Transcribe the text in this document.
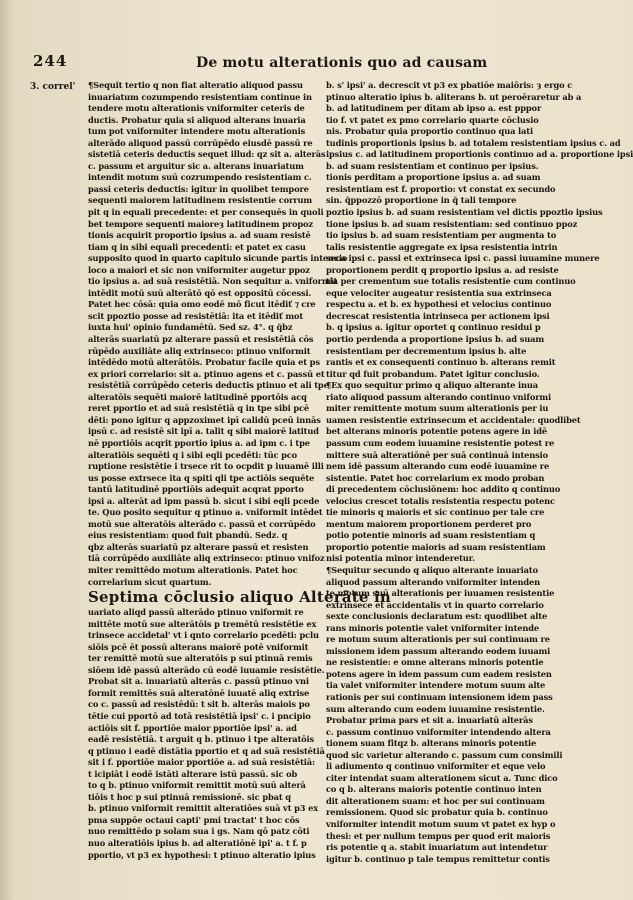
244	De motu alterationis quo ad causam
3. correl' ¶Sequit tertio q non fiat alteratio aliquod passu
inuariatum cozumpendo resistentiam continue in
tendere motu alterationis vniformiter ceteris de
ductis. Probatur quia si aliquod alterans inuaria
tum pot vniformiter intendere motu alterationis
alterādo aliquod passū corrūpēdo eiusdē passū re
sistetiā ceteris deductis sequet illud: qz sit a. alterās
c. passum et arguitur sic a. alterans inuariatum
intendit motum suū cozrumpendo resistentiam c.
passi ceteris deductis: igitur in quolibet tempore
sequenti maiorem latitudinem resistentie corrum
pit q in equali precedente: et per consequēs in quoli
bet tempore sequenti maioreȝ latitudinem propoz
tionis acquirit proportio ipsius a. ad suam resistē
tiam q in sibi equali precedenti: et patet ex casu
supposito quod in quarto capitulo sicunde partis intencio
loco a maiori et sic non vniformiter augetur ppoz
tio ipsius a. ad suā resistētiā. Non sequitur a. vniformit
intēdit motū suū alterātō qō est oppositū cōcessi.
Patet hec cōsā: quia omo eodē mō ficut itēdiť ⁊ cre
scit ppoztio posse ad resistētiā: ita et itēdiť mot
iuxta hui' opinio fundamētū. Sed sz. 4°. q q̄bz
alterās suariatū pz alterare passū et resistētiā cōs
rūpēdo auxiliāte aliq extrinseco: ptinuo vniformit
intēdēdo motū alterātōis. Probatur facile quia et ps
ex priori correlario: sit a. ptinuo agens et c. passū et
resistētiā corrūpēdo ceteris deductis ptinuo et ali tpe
alteratōis sequēti maiorē latitudinē pportōis acq
reret pportio et ad suā resistētiā q in tpe sibi pcē
dēti: pono igitur q appzoximet ipī calidū pceū innās
ipsū c. ad resistē sit ipī a. talit q sibi maiorē latitud
nē pportiōis acqrit pportio ipius a. ad ipm c. i tpe
alteratiōis sequēti q i sibi eqli pcedēti: tūc pco
ruptione resistētie i trsece rit to ocpdit p iuuamē illi
us posse extrsece ita q spiti qli tpe actiōis sequēte
tantū latitudinē pportiōis adequīt acqrat pporto
ipsi a. alterāt ad ipm passū b. sicut i sibi eqli pcede
te. Quo posito sequitur q ptinuo a. vniformit intēdet
motū sue alteratōis alterādo c. passū et corrūpēdo
eius resistentiam: quod fuit pbandū. Sedz. q
qbz alterās suariatū pz alterare passū et resisten
tiā corrūpēdo auxiliāte aliq extrinseco: ptinuo vnifoz
miter remittēdo motum alterationis. Patet hoc
correlarium sicut quartum.
Septima cōclusio aliquo Alterāte in
uariato aliqd passū alterādo ptinuo vniformit re
mittēte motū sue alterātōis p tremētū resistētie ex
trinsece accidetal' vt i qnto correlario pcedēti: pclu
siōis pcē ēt possū alterans maiorē potē vniformit
ter remittē motū sue alteratōis p sui ptinuā remis
siōem idē passū alterādo cū eodē iuuamie resistētie.
Probat sit a. inuariatū alterās c. passū ptinuo vni
formit remittēs suā alteratōnē iuuatē aliq extrise
co c. passū ad resistēdū: t sit b. alterās maiois po
tētie cui pportō ad totā resistētiā ipsi' c. i pncipio
actiōis sit f. pportiōe maior pportiōe ipsi' a. ad
eadē resistētiā. t arguit q b. ptinuo i tpe alteratōis
q ptinuo i eadē distātia pportio et q ad suā resistētiā
sit i f. pportiōe maior pportiōe a. ad suā resistētiā:
t icipiāt i eodē istāti alterare istū passū. sic ob
to q b. ptinuo vniformit remittit motū suū alterā
tiōis t hoc p sui ptinuā remissionē. sic pbat q
b. ptinuo vniformit remittit alteratiōes suā vt p3 ex
pma suppōe octaui capti' pmi tractat' t hoc cōs
nuo remittēdo p solam sua i gs. Nam qō patz cōti
nuo alteratiōis ipius b. ad alteratiōnē ipi' a. t f. p
pportio, vt p3 ex hypothesi: t ptinuo alteratio ipius
b. s' ipsi' a. decrescit vt p3 ex pbatiōe maiōris: ȝ ergo c
ptinuo alteratio ipius b. aliterans b. ut peroēraretur ab a
b. ad latitudinem per dītam ab ipso a. est pppor
tio f. vt patet ex pmo correlario quarte cōclusio
nis. Probatur quia proportio continuo qua lati
tudinis proportionis ipsius b. ad totalem resistentiam ipsius c. ad
ipsius c. ad latitudinem proportionis continuo ad a. proportione ipsi
b. ad suam resistentiam et continuo per ipsius.
tionis perditam a proportione ipsius a. ad suam
resistentiam est f. proportio: vt constat ex secundo
sin. q̄ppozzō proportione in q̄ tali tempore
poztio ipsius b. ad suam resistentiam vel dictis ppoztio ipsius
tione ipsius b. ad suam resistentiam: sed continuo ppoz
tio ipsius b. ad suam resistentiam per augmenta to
talis resistentie aggregate ex ipsa resistentia intrin
seca ipsi c. passi et extrinseca ipsi c. passi iuuamine munere
proportionem perdit q proportio ipsius a. ad resiste
tia per crementum sue totalis resistentie cum continuo
eque velociter augeatur resistentia sua extrinseca
respectu a. et b. ex hypothesi et velocius continuo
decrescat resistentia intrinseca per actionem ipsi
b. q ipsius a. igitur oportet q continuo residui p
portio perdenda a proportione ipsius b. ad suam
resistentiam per decrementum ipsius b. alte
rantis et ex consequenti continuo b. alterans remit
titur qd fuit probandum. Patet igitur conclusio.
¶Ex quo sequitur primo q aliquo alterante inua
riato aliquod passum alterando continuo vniformi
miter remittente motum suum alterationis per iu
uamen resistentie extrinsecum et accidentale: quodlibet
bet alterans minoris potentie potens agere in idē
passum cum eodem iuuamine resistentie potest re
mittere suā alteratiōnē per suā continuā intensio
nem idē passum alterando cum eodē iuuamine re
sistentie. Patet hoc correlarium ex modo proban
di precedentem cōclusiōnem: hoc addito q continuo
velocius crescet totalis resistentia respectu potenc
tie minoris q maioris et sic continuo per tale cre
mentum maiorem proportionem perderet pro
potio potentie minoris ad suam resistentiam q
proportio potentie maioris ad suam resistentiam
nisi potentia minor intenderetur.
¶Sequitur secundo q aliquo alterante inuariato
aliquod passum alterando vniformiter intenden
te motum suū alterationis per iuuamen resistentie
extrinsece et accidentalis vt in quarto correlario
sexte conclusionis declaratum est: quodlibet alte
rans minoris potentie valet vniformiter intende
re motum suum alterationis per sui continuam re
missionem idem passum alterando eodem iuuami
ne resistentie: e omne alterans minoris potentie
potens agere in idem passum cum eadem resisten
tia valet vniformiter intendere motum suum alte
rationis per sui continuam intensionem idem pass
sum alterando cum eodem iuuamine resistentie.
Probatur prima pars et sit a. inuariatū alterās
c. passum continuo vniformiter intendendo altera
tionem suam fitqz b. alterans minoris potentie
quod sic varietur alterando c. passum cum consimili
li adiumento q continuo vniformiter et eque velo
citer intendat suam alterationem sicut a. Tunc dico
co q b. alterans maioris potentie continuo inten
dit alterationem suam: et hoc per sui continuam
remissionem. Quod sic probatur quia b. continuo
vniformiter intendit motum suum vt patet ex hyp o
thesi: et per nullum tempus per quod erit maioris
ris potentie q a. stabit inuariatum aut intendetur
igitur b. continuo p tale tempus remittetur contis
